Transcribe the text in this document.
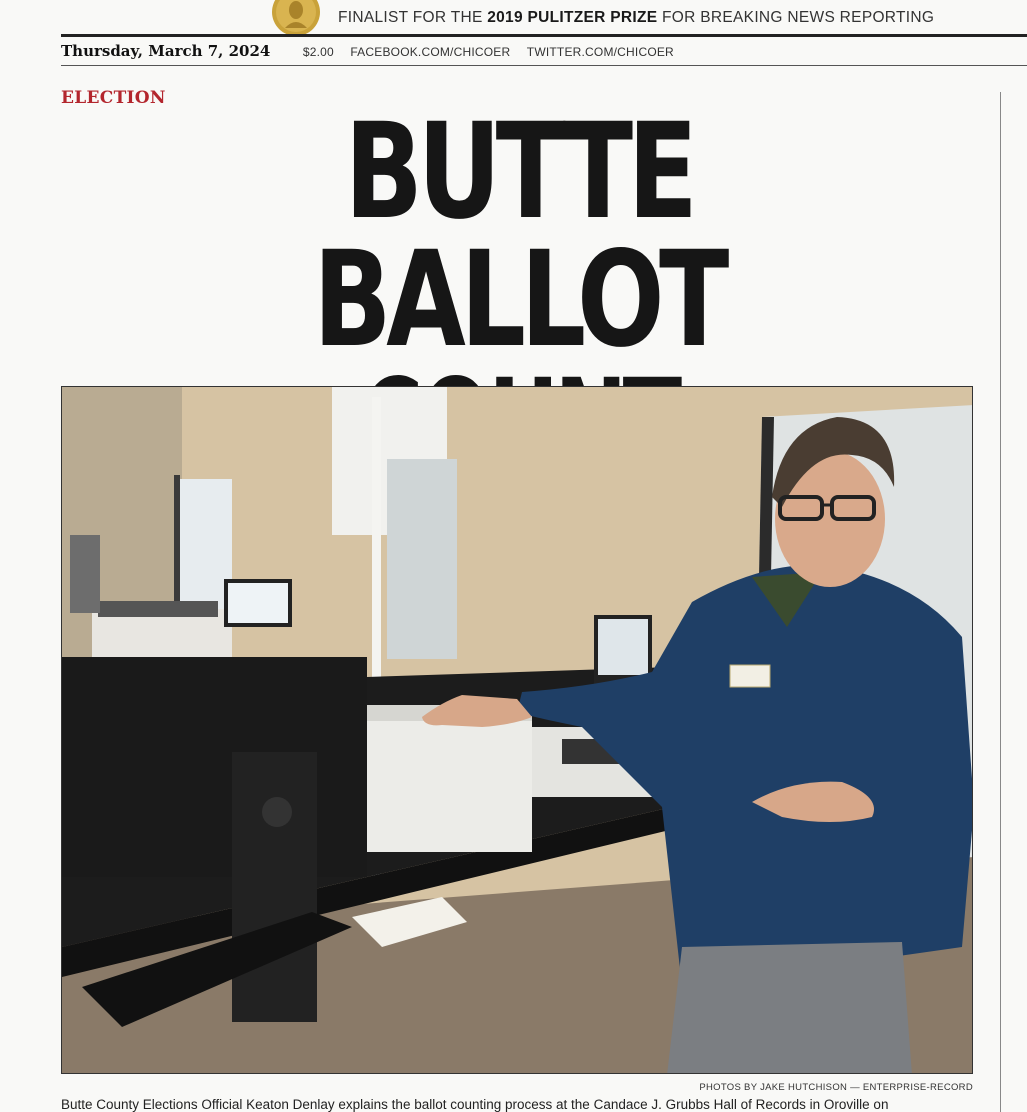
FINALIST FOR THE 2019 PULITZER PRIZE FOR BREAKING NEWS REPORTING
Thursday, March 7, 2024	$2.00 FACEBOOK.COM/CHICOER TWITTER.COM/CHICOER
ELECTION	BUTTE BALLOT
PHOTOS BY JAKE HUTCHISON — ENTERPRISE-RECORD
Butte County Elections Official Keaton Denlay explains the ballot counting process at the Candace J. Grubbs Hall of Records in Oroville on
